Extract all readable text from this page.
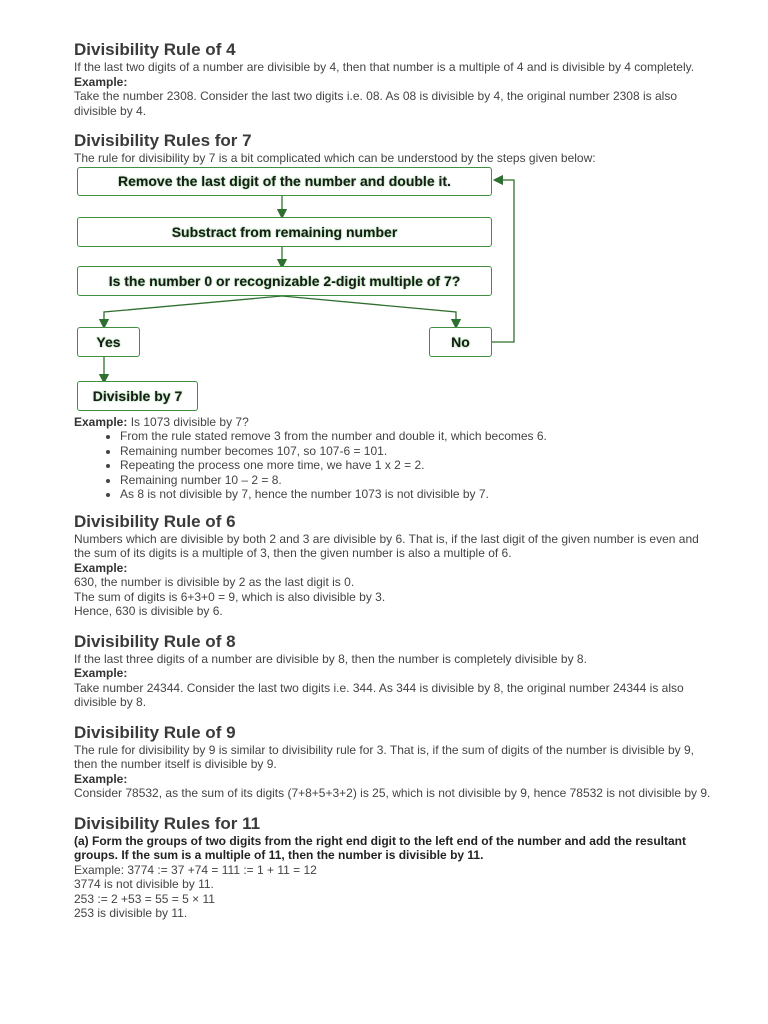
Divisibility Rule of 4

If the last two digits of a number are divisible by 4, then that number is a multiple of 4 and is divisible by 4 completely.

Example:

Take the number 2308. Consider the last two digits i.e. 08. As 08 is divisible by 4, the original number 2308 is also divisible by 4.

Divisibility Rules for 7

The rule for divisibility by 7 is a bit complicated which can be understood by the steps given below:

Remove the last digit of the number and double it.
Substract from remaining number
Is the number 0 or recognizable 2-digit multiple of 7?
Yes	No
Divisible by 7

Example: Is 1073 divisible by 7?

• From the rule stated remove 3 from the number and double it, which becomes 6.
• Remaining number becomes 107, so 107-6 = 101.
• Repeating the process one more time, we have 1 x 2 = 2.
• Remaining number 10 – 2 = 8.
• As 8 is not divisible by 7, hence the number 1073 is not divisible by 7.
Divisibility Rule of 6

Numbers which are divisible by both 2 and 3 are divisible by 6. That is, if the last digit of the given number is even and the sum of its digits is a multiple of 3, then the given number is also a multiple of 6.

Example:

630, the number is divisible by 2 as the last digit is 0.

The sum of digits is 6+3+0 = 9, which is also divisible by 3.

Hence, 630 is divisible by 6.

Divisibility Rule of 8

If the last three digits of a number are divisible by 8, then the number is completely divisible by 8.

Example:

Take number 24344. Consider the last two digits i.e. 344. As 344 is divisible by 8, the original number 24344 is also divisible by 8.

Divisibility Rule of 9

The rule for divisibility by 9 is similar to divisibility rule for 3. That is, if the sum of digits of the number is divisible by 9, then the number itself is divisible by 9.

Example:

Consider 78532, as the sum of its digits (7+8+5+3+2) is 25, which is not divisible by 9, hence 78532 is not divisible by 9.

Divisibility Rules for 11

(a) Form the groups of two digits from the right end digit to the left end of the number and add the resultant groups. If the sum is a multiple of 11, then the number is divisible by 11.

Example: 3774 := 37 +74 = 111 := 1 + 11 = 12

3774 is not divisible by 11.

253 := 2 +53 = 55 = 5 × 11

253 is divisible by 11.
